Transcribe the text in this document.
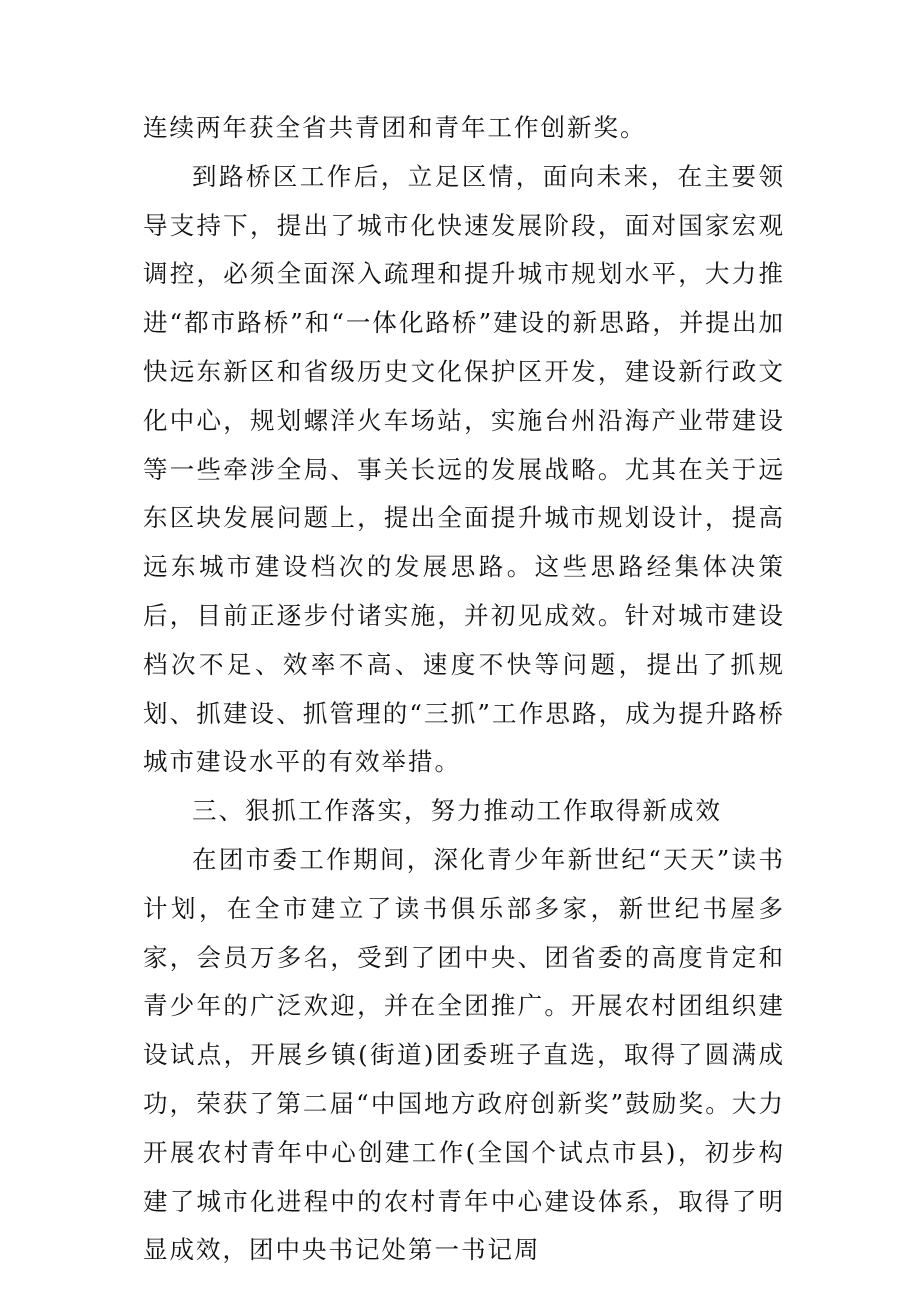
连续两年获全省共青团和青年工作创新奖。

到路桥区工作后，立足区情，面向未来，在主要领导支持下，提出了城市化快速发展阶段，面对国家宏观调控，必须全面深入疏理和提升城市规划水平，大力推进“都市路桥”和“一体化路桥”建设的新思路，并提出加快远东新区和省级历史文化保护区开发，建设新行政文化中心，规划螺洋火车场站，实施台州沿海产业带建设等一些牵涉全局、事关长远的发展战略。尤其在关于远东区块发展问题上，提出全面提升城市规划设计，提高远东城市建设档次的发展思路。这些思路经集体决策后，目前正逐步付诸实施，并初见成效。针对城市建设档次不足、效率不高、速度不快等问题，提出了抓规划、抓建设、抓管理的“三抓”工作思路，成为提升路桥城市建设水平的有效举措。

三、狠抓工作落实，努力推动工作取得新成效

在团市委工作期间，深化青少年新世纪“天天”读书计划，在全市建立了读书俱乐部多家，新世纪书屋多家，会员万多名，受到了团中央、团省委的高度肯定和青少年的广泛欢迎，并在全团推广。开展农村团组织建设试点，开展乡镇(街道)团委班子直选，取得了圆满成功，荣获了第二届“中国地方政府创新奖”鼓励奖。大力开展农村青年中心创建工作(全国个试点市县)，初步构建了城市化进程中的农村青年中心建设体系，取得了明显成效，团中央书记处第一书记周
